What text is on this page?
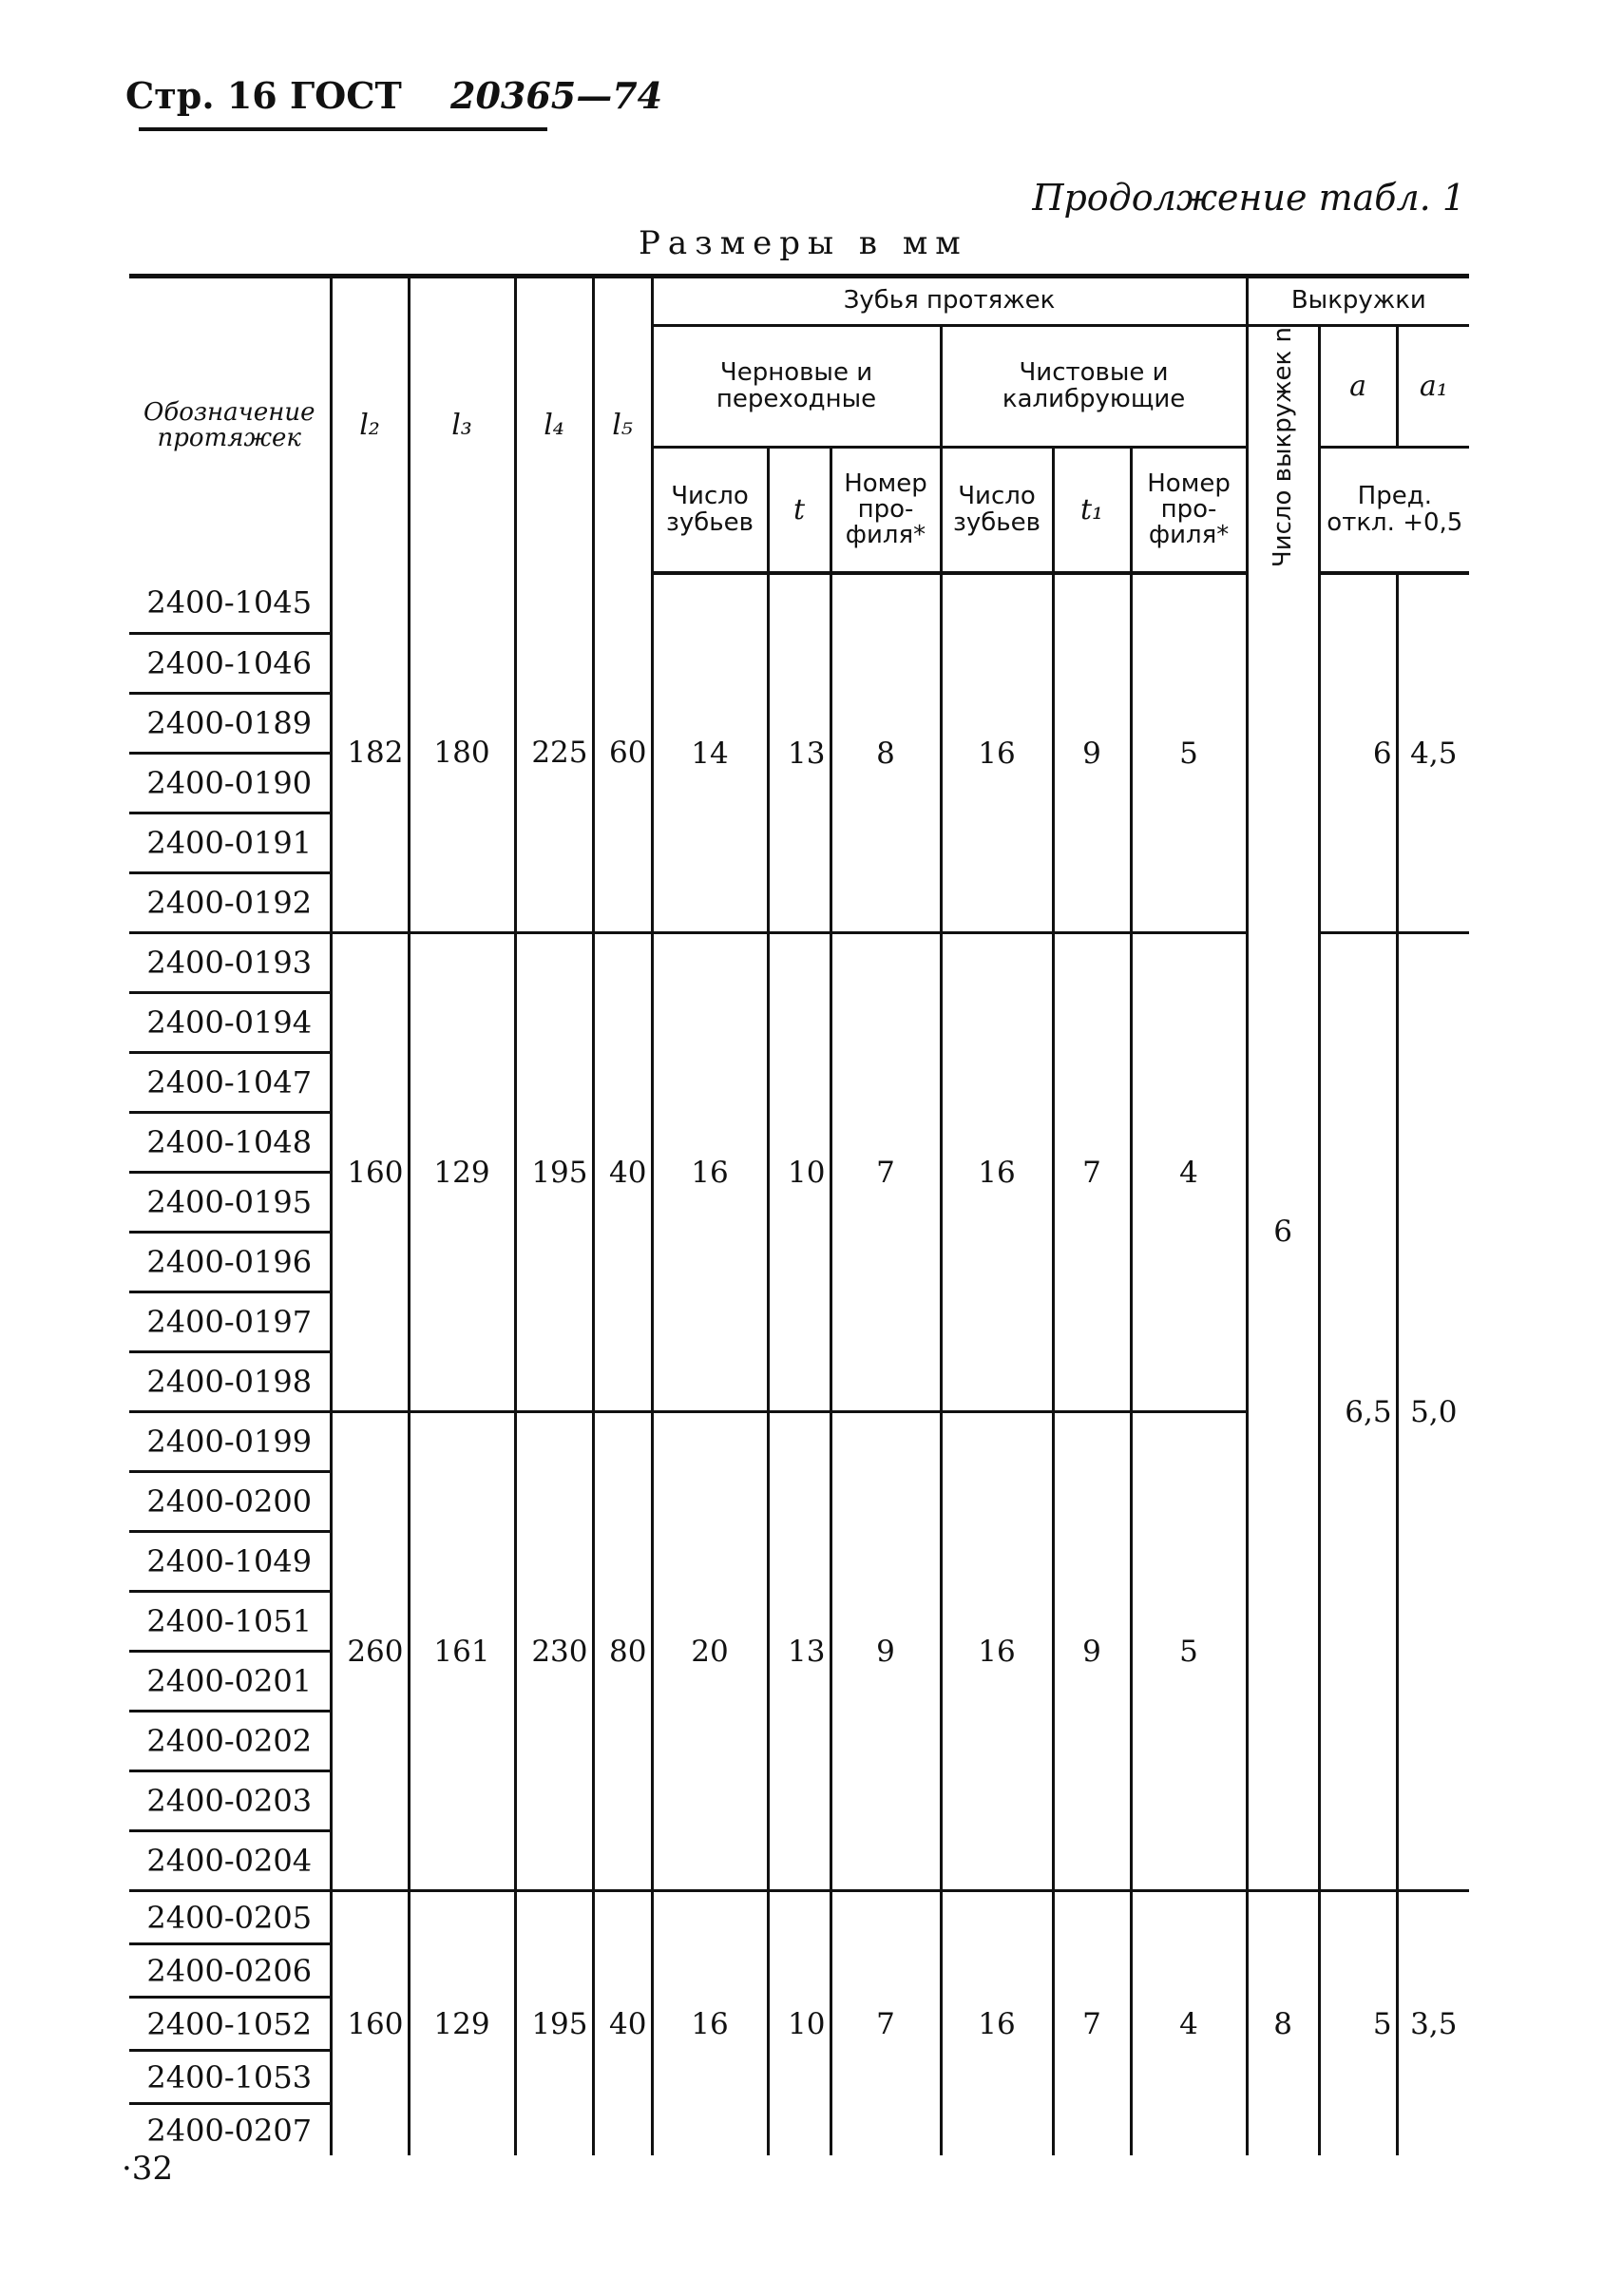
Стр. 16 ГОСТ 20365—74
Продолжение табл. 1
Размеры в мм
Обозначение протяжек	l₂	l₃	l₄	l₅	Зубья протяжек						Выкружки		
					Черновые и переходные			Чистовые и калибрующие			Число выкружек n	a	a₁
					Число зубьев	t	Номер про-филя*	Число зубьев	t₁	Номер про-филя*		Пред. откл. +0,5	
2400-1045	182	180	225	60	14	13	8	16	9	5	6	6	4,5
2400-1046													
2400-0189													
2400-0190													
2400-0191													
2400-0192													
2400-0193	160	129	195	40	16	10	7	16	7	4		6,5	5,0
2400-0194													
2400-1047													
2400-1048													
2400-0195													
2400-0196													
2400-0197													
2400-0198													
2400-0199	260	161	230	80	20	13	9	16	9	5			
2400-0200													
2400-1049													
2400-1051													
2400-0201													
2400-0202													
2400-0203													
2400-0204													
2400-0205	160	129	195	40	16	10	7	16	7	4	8	5	3,5
2400-0206													
2400-1052													
2400-1053													
2400-0207													
·32
